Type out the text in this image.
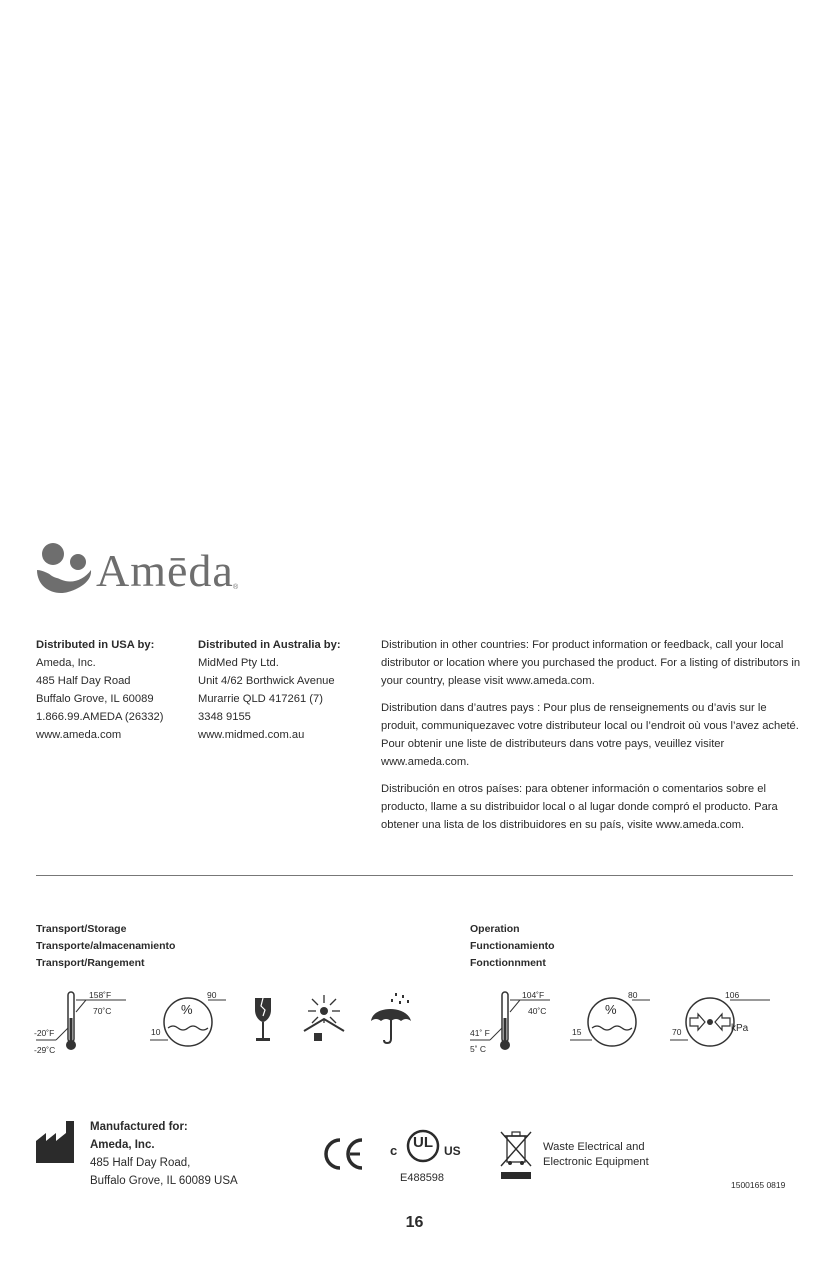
Amēda ®
Distributed in USA by:
Ameda, Inc.
485 Half Day Road
Buffalo Grove, IL 60089
1.866.99.AMEDA (26332)
www.ameda.com
Distributed in Australia by:
MidMed Pty Ltd.
Unit 4/62 Borthwick Avenue
Murarrie QLD 417261 (7)
3348 9155
www.midmed.com.au

Distribution in other countries: For product information or feedback, call your local distributor or location where you purchased the product. For a listing of distributors in your country, please visit www.ameda.com.

Distribution dans d’autres pays : Pour plus de renseignements ou d’avis sur le produit, communiquezavec votre distributeur local ou l’endroit où vous l’avez acheté. Pour obtenir une liste de distributeurs dans votre pays, veuillez visiter www.ameda.com.

Distribución en otros países: para obtener información o comentarios sobre el producto, llame a su distribuidor local o al lugar donde compró el producto. Para obtener una lista de los distribuidores en su país, visite www.ameda.com.

Transport/Storage
Transporte/almacenamiento
Transport/Rangement
Operation
Functionamiento
Fonctionnment
158˚F
70˚C
-20˚F
-29˚C
%
90
10
104˚F
40˚C
41˚ F
5˚ C
%
80
15
106
70	kPa
Manufactured for:
Ameda, Inc.
485 Half Day Road,
Buffalo Grove, IL 60089 USA
c UL US
E488598
Waste Electrical and
Electronic Equipment
1500165 0819
16
